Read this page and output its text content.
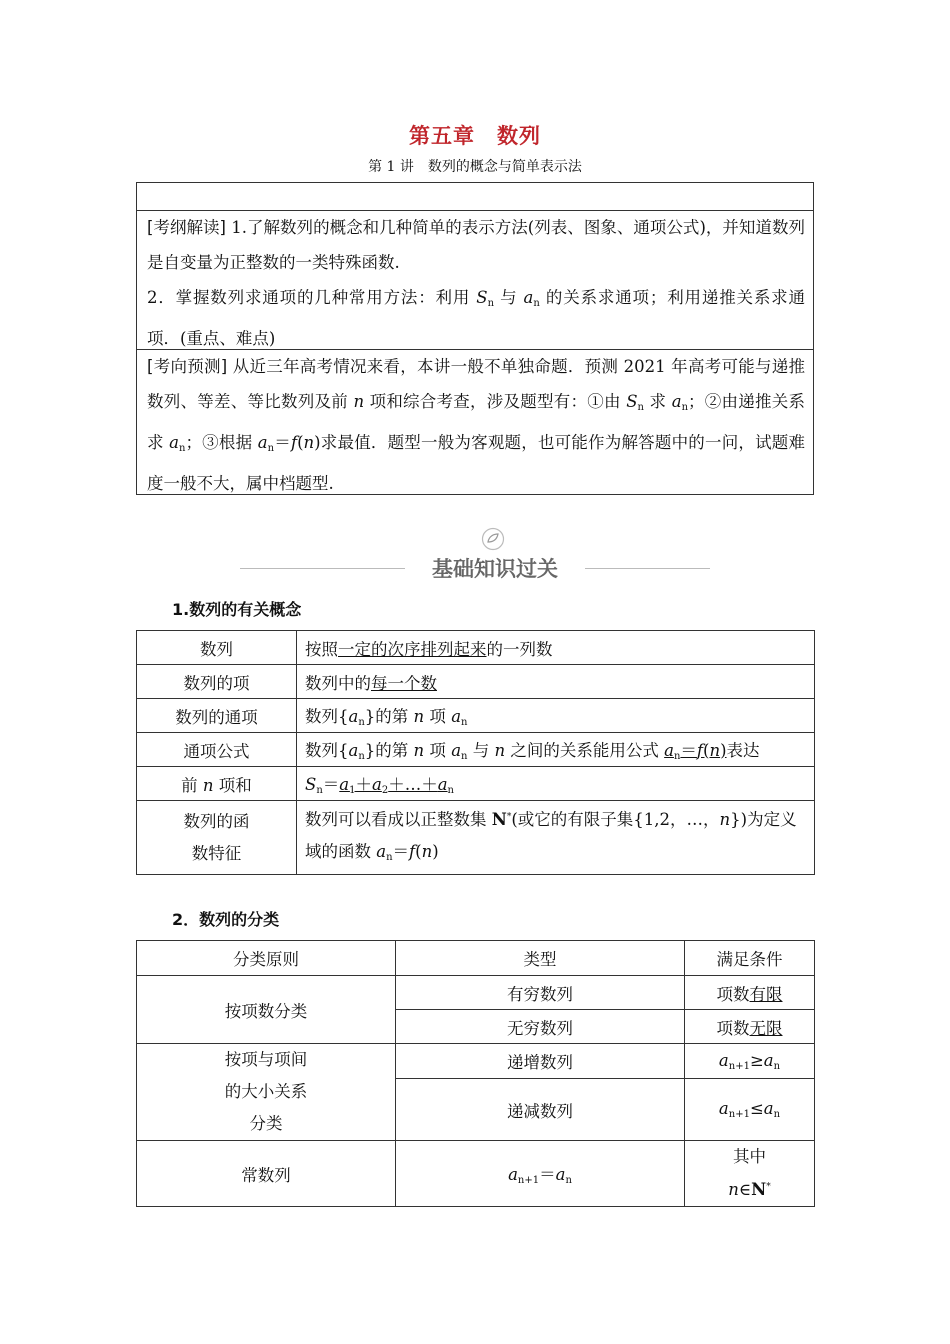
第五章　数列
第 1 讲　数列的概念与简单表示法
[考纲解读] 1.了解数列的概念和几种简单的表示方法(列表、图象、通项公式)，并知道数列是自变量为正整数的一类特殊函数.
2．掌握数列求通项的几种常用方法：利用 $S_n$ 与 $a_n$ 的关系求通项；利用递推关系求通项．(重点、难点)
[考向预测] 从近三年高考情况来看，本讲一般不单独命题．预测 2021 年高考可能与递推数列、等差、等比数列及前 n 项和综合考查，涉及题型有：①由 $S_n$ 求 $a_n$；②由递推关系求 $a_n$；③根据 $a_n=f(n)$求最值．题型一般为客观题，也可能作为解答题中的一问，试题难度一般不大，属中档题型.
基础知识过关
1.数列的有关概念
数列	按照一定的次序排列起来的一列数
数列的项	数列中的每一个数
数列的通项	数列$\{a_n\}$的第 n 项 $a_n$
通项公式	数列$\{a_n\}$的第 n 项 $a_n$ 与 n 之间的关系能用公式 $a_n=f(n)$表达
前 n 项和	$S_n=a_1+a_2+\dots+a_n$
数列的函
数特征	数列可以看成以正整数集 N*(或它的有限子集{1,2，…，n})为定义域的函数 $a_n=f(n)$
2．数列的分类
分类原则	类型	满足条件
按项数分类	有穷数列	项数有限
	无穷数列	项数无限
按项与项间
的大小关系
分类	递增数列	$a_{n+1}\ge a_n$
	递减数列	$a_{n+1}\le a_n$
常数列	$a_{n+1}=a_n$	其中
n∈N*
